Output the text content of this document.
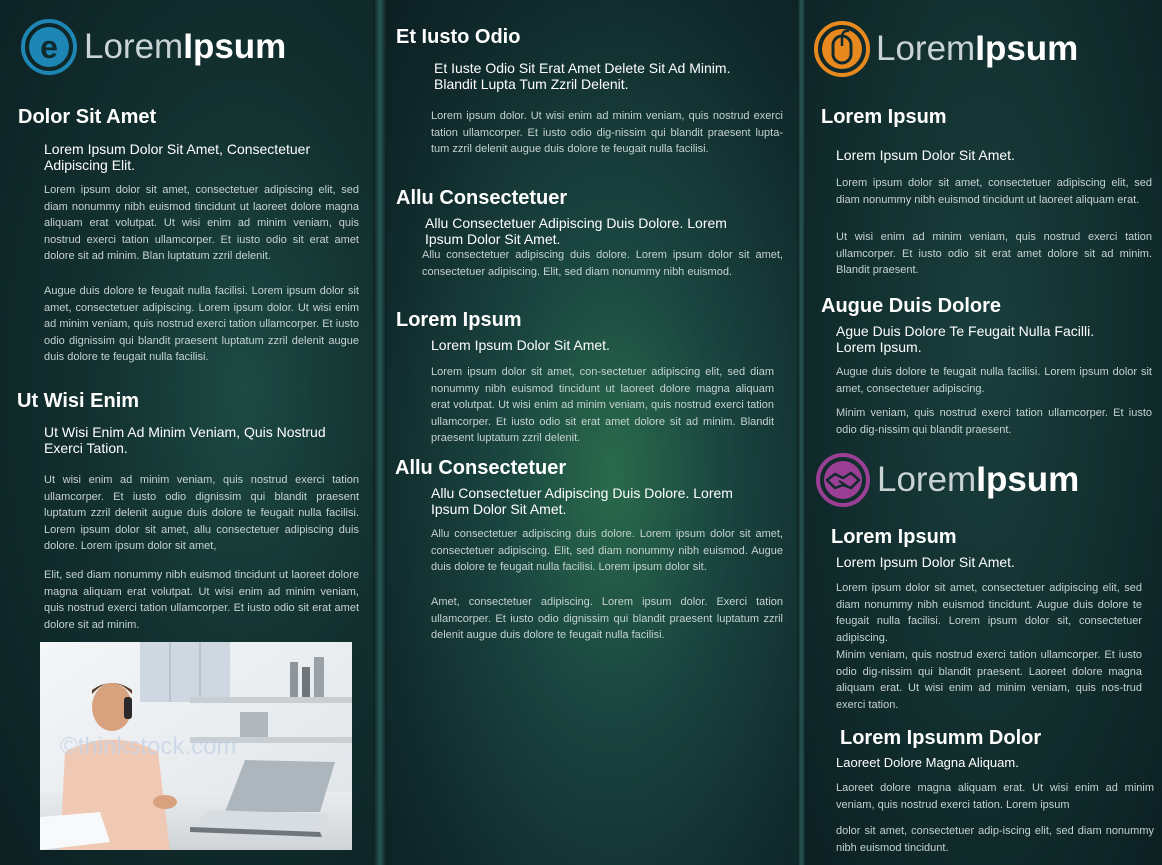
e LoremIpsum
Dolor Sit Amet

Lorem Ipsum Dolor Sit Amet, Consectetuer Adipiscing Elit.

Lorem ipsum dolor sit amet, consectetuer adipiscing elit, sed diam nonummy nibh euismod tincidunt ut laoreet dolore magna aliquam erat volutpat. Ut wisi enim ad minim veniam, quis nostrud exerci tation ullamcorper. Et iusto odio sit erat amet dolore sit ad minim. Blan luptatum zzril delenit.

Augue duis dolore te feugait nulla facilisi. Lorem ipsum dolor sit amet, consectetuer adipiscing. Lorem ipsum dolor. Ut wisi enim ad minim veniam, quis nostrud exerci tation ullamcorper. Et iusto odio dignissim qui blandit praesent luptatum zzril delenit augue duis dolore te feugait nulla facilisi.

Ut Wisi Enim

Ut Wisi Enim Ad Minim Veniam, Quis Nostrud Exerci Tation.

Ut wisi enim ad minim veniam, quis nostrud exerci tation ullamcorper. Et iusto odio dignissim qui blandit praesent luptatum zzril delenit augue duis dolore te feugait nulla facilisi. Lorem ipsum dolor sit amet, allu consectetuer adipiscing duis dolore. Lorem ipsum dolor sit amet,

Elit, sed diam nonummy nibh euismod tincidunt ut laoreet dolore magna aliquam erat volutpat. Ut wisi enim ad minim veniam, quis nostrud exerci tation ullamcorper. Et iusto odio sit erat amet dolore sit ad minim.

©thinkstock.com
Et Iusto Odio

Et Iuste Odio Sit Erat Amet Delete Sit Ad Minim. Blandit Lupta Tum Zzril Delenit.

Lorem ipsum dolor. Ut wisi enim ad minim veniam, quis nostrud exerci tation ullamcorper. Et iusto odio dig-nissim qui blandit praesent lupta- tum zzril delenit augue duis dolore te feugait nulla facilisi.

Allu Consectetuer

Allu Consectetuer Adipiscing Duis Dolore. Lorem Ipsum Dolor Sit Amet.

Allu consectetuer adipiscing duis dolore. Lorem ipsum dolor sit amet, consectetuer adipiscing. Elit, sed diam nonummy nibh euismod.

Lorem Ipsum

Lorem Ipsum Dolor Sit Amet.

Lorem ipsum dolor sit amet, con-sectetuer adipiscing elit, sed diam nonummy nibh euismod tincidunt ut laoreet dolore magna aliquam erat volutpat. Ut wisi enim ad minim veniam, quis nostrud exerci tation ullamcorper. Et iusto odio sit erat amet dolore sit ad minim. Blandit praesent luptatum zzril delenit.

Allu Consectetuer

Allu Consectetuer Adipiscing Duis Dolore. Lorem Ipsum Dolor Sit Amet.

Allu consectetuer adipiscing duis dolore. Lorem ipsum dolor sit amet, consectetuer adipiscing. Elit, sed diam nonummy nibh euismod. Augue duis dolore te feugait nulla facilisi. Lorem ipsum dolor sit.

Amet, consectetuer adipiscing. Lorem ipsum dolor. Exerci tation ullamcorper. Et iusto odio dignissim qui blandit praesent luptatum zzril delenit augue duis dolore te feugait nulla facilisi.

LoremIpsum
Lorem Ipsum

Lorem Ipsum Dolor Sit Amet.

Lorem ipsum dolor sit amet, consectetuer adipiscing elit, sed diam nonummy nibh euismod tincidunt ut laoreet aliquam erat.

Ut wisi enim ad minim veniam, quis nostrud exerci tation ullamcorper. Et iusto odio sit erat amet dolore sit ad minim. Blandit praesent.

Augue Duis Dolore

Ague Duis Dolore Te Feugait Nulla Facilli. Lorem Ipsum.

Augue duis dolore te feugait nulla facilisi. Lorem ipsum dolor sit amet, consectetuer adipiscing.

Minim veniam, quis nostrud exerci tation ullamcorper. Et iusto odio dig-nissim qui blandit praesent.

LoremIpsum
Lorem Ipsum

Lorem Ipsum Dolor Sit Amet.

Lorem ipsum dolor sit amet, consectetuer adipiscing elit, sed diam nonummy nibh euismod tincidunt. Augue duis dolore te feugait nulla facilisi. Lorem ipsum dolor sit, consectetuer adipiscing.

Minim veniam, quis nostrud exerci tation ullamcorper. Et iusto odio dig-nissim qui blandit praesent. Laoreet dolore magna aliquam erat. Ut wisi enim ad minim veniam, quis nos-trud exerci tation.

Lorem Ipsumm Dolor

Laoreet Dolore Magna Aliquam.

Laoreet dolore magna aliquam erat. Ut wisi enim ad minim veniam, quis nostrud exerci tation. Lorem ipsum

dolor sit amet, consectetuer adip-iscing elit, sed diam nonummy nibh euismod tincidunt.
